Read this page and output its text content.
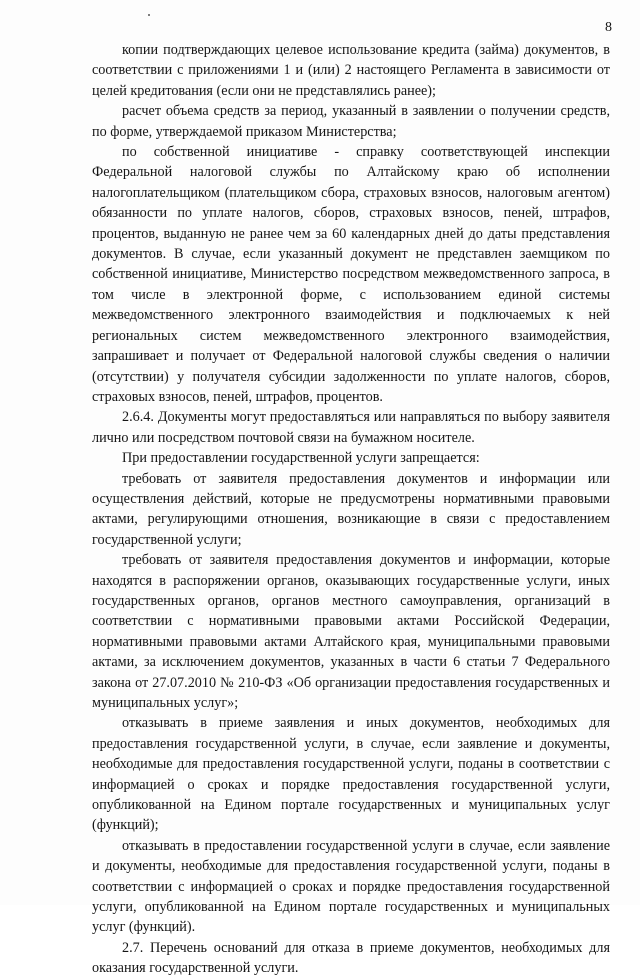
8

копии подтверждающих целевое использование кредита (займа) документов, в соответствии с приложениями 1 и (или) 2 настоящего Регламента в зависимости от целей кредитования (если они не представлялись ранее);

расчет объема средств за период, указанный в заявлении о получении средств, по форме, утверждаемой приказом Министерства;

по собственной инициативе - справку соответствующей инспекции Федеральной налоговой службы по Алтайскому краю об исполнении налогоплательщиком (плательщиком сбора, страховых взносов, налоговым агентом) обязанности по уплате налогов, сборов, страховых взносов, пеней, штрафов, процентов, выданную не ранее чем за 60 календарных дней до даты представления документов. В случае, если указанный документ не представлен заемщиком по собственной инициативе, Министерство посредством межведомственного запроса, в том числе в электронной форме, с использованием единой системы межведомственного электронного взаимодействия и подключаемых к ней региональных систем межведомственного электронного взаимодействия, запрашивает и получает от Федеральной налоговой службы сведения о наличии (отсутствии) у получателя субсидии задолженности по уплате налогов, сборов, страховых взносов, пеней, штрафов, процентов.

2.6.4. Документы могут предоставляться или направляться по выбору заявителя лично или посредством почтовой связи на бумажном носителе.

При предоставлении государственной услуги запрещается:

требовать от заявителя предоставления документов и информации или осуществления действий, которые не предусмотрены нормативными правовыми актами, регулирующими отношения, возникающие в связи с предоставлением государственной услуги;

требовать от заявителя предоставления документов и информации, которые находятся в распоряжении органов, оказывающих государственные услуги, иных государственных органов, органов местного самоуправления, организаций в соответствии с нормативными правовыми актами Российской Федерации, нормативными правовыми актами Алтайского края, муниципальными правовыми актами, за исключением документов, указанных в части 6 статьи 7 Федерального закона от 27.07.2010 № 210-ФЗ «Об организации предоставления государственных и муниципальных услуг»;

отказывать в приеме заявления и иных документов, необходимых для предоставления государственной услуги, в случае, если заявление и документы, необходимые для предоставления государственной услуги, поданы в соответствии с информацией о сроках и порядке предоставления государственной услуги, опубликованной на Едином портале государственных и муниципальных услуг (функций);

отказывать в предоставлении государственной услуги в случае, если заявление и документы, необходимые для предоставления государственной услуги, поданы в соответствии с информацией о сроках и порядке предоставления государственной услуги, опубликованной на Едином портале государственных и муниципальных услуг (функций).

2.7. Перечень оснований для отказа в приеме документов, необходимых для оказания государственной услуги.
